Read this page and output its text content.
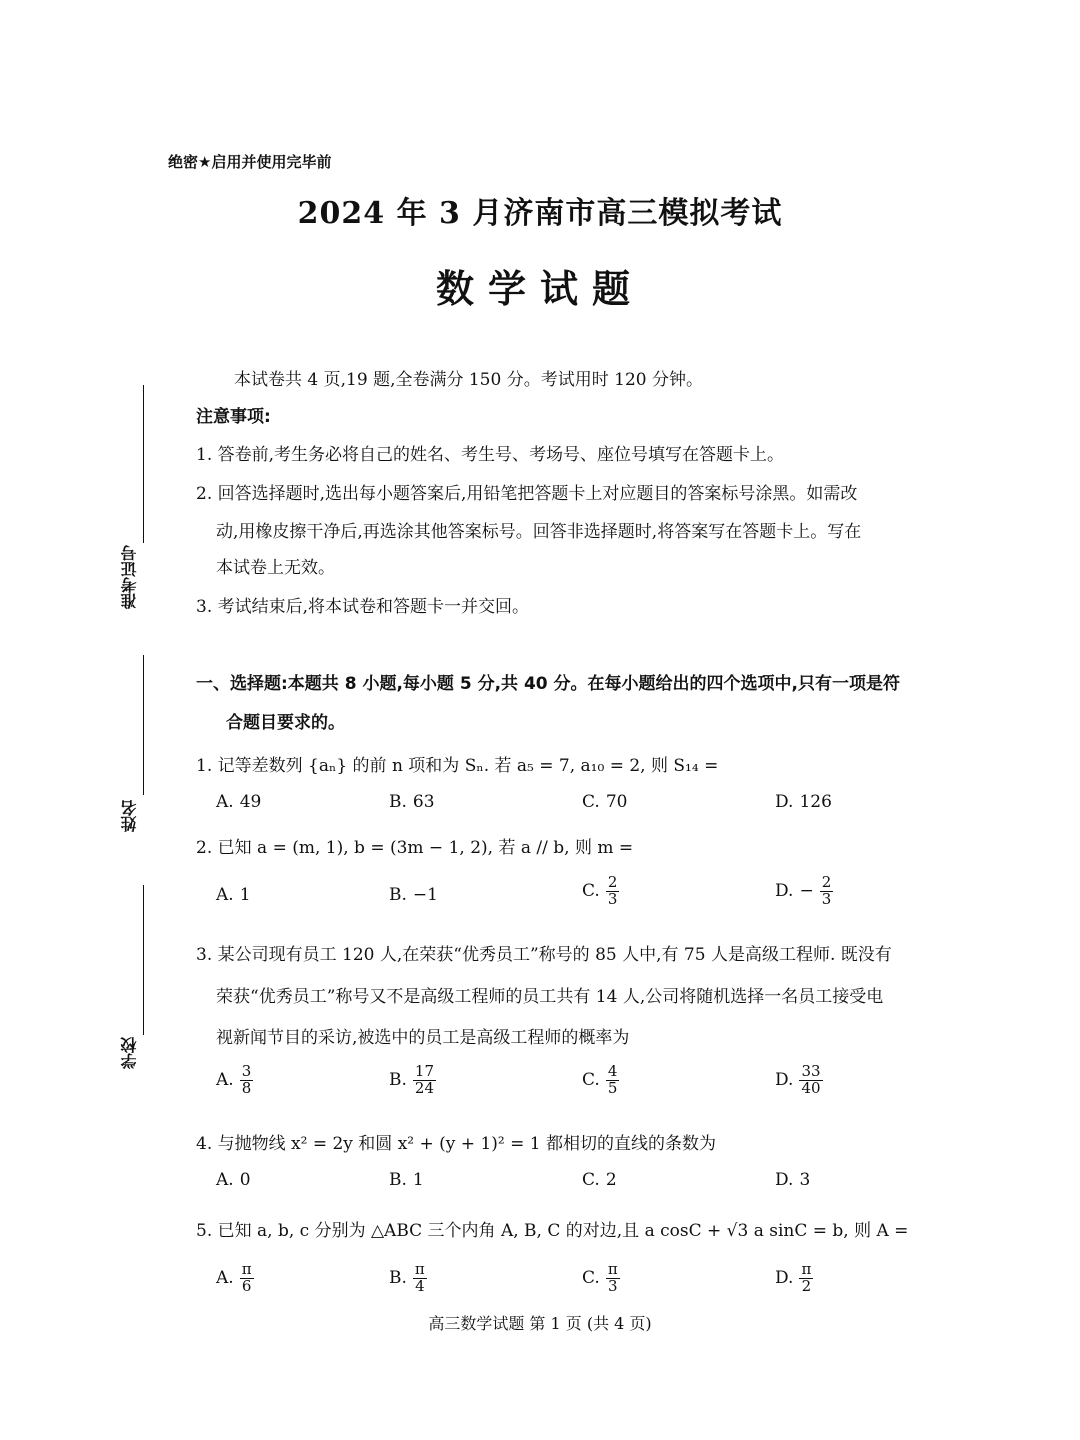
绝密★启用并使用完毕前
2024 年 3 月济南市高三模拟考试
数学试题
本试卷共 4 页,19 题,全卷满分 150 分。考试用时 120 分钟。
注意事项:
1. 答卷前,考生务必将自己的姓名、考生号、考场号、座位号填写在答题卡上。
2. 回答选择题时,选出每小题答案后,用铅笔把答题卡上对应题目的答案标号涂黑。如需改
动,用橡皮擦干净后,再选涂其他答案标号。回答非选择题时,将答案写在答题卡上。写在
本试卷上无效。
3. 考试结束后,将本试卷和答题卡一并交回。
一、选择题:本题共 8 小题,每小题 5 分,共 40 分。在每小题给出的四个选项中,只有一项是符
合题目要求的。
1. 记等差数列 {aₙ} 的前 n 项和为 Sₙ. 若 a₅ = 7, a₁₀ = 2, 则 S₁₄ =
A. 49	B. 63	C. 70	D. 126
2. 已知 a = (m, 1), b = (3m − 1, 2), 若 a // b, 则 m =
A. 1	B. −1	C. $\frac{2}{3}$	D. − $\frac{2}{3}$
3. 某公司现有员工 120 人,在荣获“优秀员工”称号的 85 人中,有 75 人是高级工程师. 既没有
荣获“优秀员工”称号又不是高级工程师的员工共有 14 人,公司将随机选择一名员工接受电
视新闻节目的采访,被选中的员工是高级工程师的概率为
A. $\frac{3}{8}$	B. $\frac{17}{24}$	C. $\frac{4}{5}$	D. $\frac{33}{40}$
4. 与抛物线 x² = 2y 和圆 x² + (y + 1)² = 1 都相切的直线的条数为
A. 0	B. 1	C. 2	D. 3
5. 已知 a, b, c 分别为 △ABC 三个内角 A, B, C 的对边,且 a cosC + √3 a sinC = b, 则 A =
A. $\frac{\pi}{6}$	B. $\frac{\pi}{4}$	C. $\frac{\pi}{3}$	D. $\frac{\pi}{2}$
准考证号
姓名
学校
高三数学试题 第 1 页 (共 4 页)
